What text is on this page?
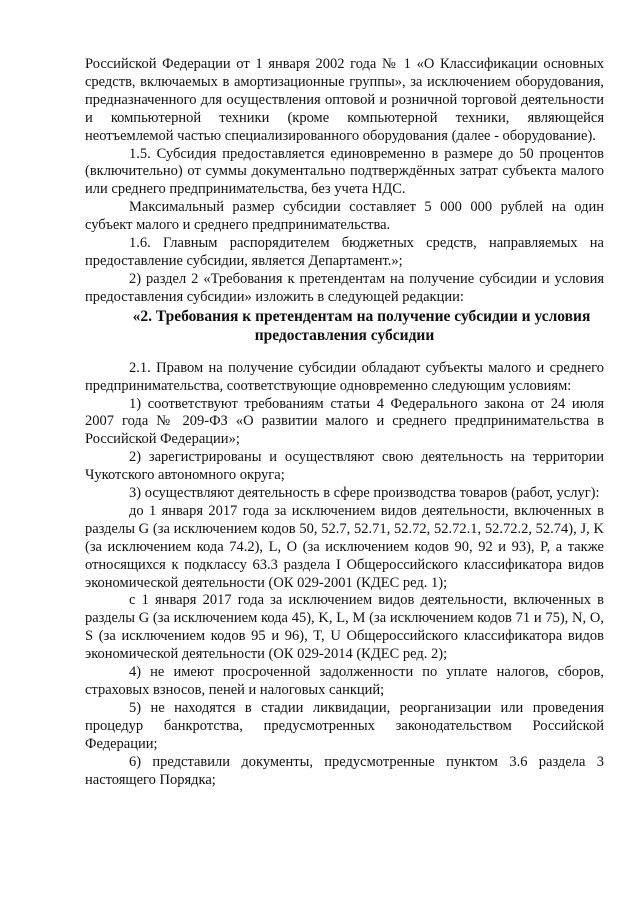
Российской Федерации от 1 января 2002 года № 1 «О Классификации основных средств, включаемых в амортизационные группы», за исключением оборудования, предназначенного для осуществления оптовой и розничной торговой деятельности и компьютерной техники (кроме компьютерной техники, являющейся неотъемлемой частью специализированного оборудования (далее - оборудование).

1.5. Субсидия предоставляется единовременно в размере до 50 процентов (включительно) от суммы документально подтверждённых затрат субъекта малого или среднего предпринимательства, без учета НДС.

Максимальный размер субсидии составляет 5 000 000 рублей на один субъект малого и среднего предпринимательства.

1.6. Главным распорядителем бюджетных средств, направляемых на предоставление субсидии, является Департамент.»;

2) раздел 2 «Требования к претендентам на получение субсидии и условия предоставления субсидии» изложить в следующей редакции:

«2. Требования к претендентам на получение субсидии и условия предоставления субсидии

2.1. Правом на получение субсидии обладают субъекты малого и среднего предпринимательства, соответствующие одновременно следующим условиям:

1) соответствуют требованиям статьи 4 Федерального закона от 24 июля 2007 года № 209-ФЗ «О развитии малого и среднего предпринимательства в Российской Федерации»;

2) зарегистрированы и осуществляют свою деятельность на территории Чукотского автономного округа;

3) осуществляют деятельность в сфере производства товаров (работ, услуг):

до 1 января 2017 года за исключением видов деятельности, включенных в разделы G (за исключением кодов 50, 52.7, 52.71, 52.72, 52.72.1, 52.72.2, 52.74), J, K (за исключением кода 74.2), L, O (за исключением кодов 90, 92 и 93), P, а также относящихся к подклассу 63.3 раздела I Общероссийского классификатора видов экономической деятельности (ОК 029-2001 (КДЕС ред. 1);

с 1 января 2017 года за исключением видов деятельности, включенных в разделы G (за исключением кода 45), K, L, M (за исключением кодов 71 и 75), N, O, S (за исключением кодов 95 и 96), T, U Общероссийского классификатора видов экономической деятельности (ОК 029-2014 (КДЕС ред. 2);

4) не имеют просроченной задолженности по уплате налогов, сборов, страховых взносов, пеней и налоговых санкций;

5) не находятся в стадии ликвидации, реорганизации или проведения процедур банкротства, предусмотренных законодательством Российской Федерации;

6) представили документы, предусмотренные пунктом 3.6 раздела 3 настоящего Порядка;
